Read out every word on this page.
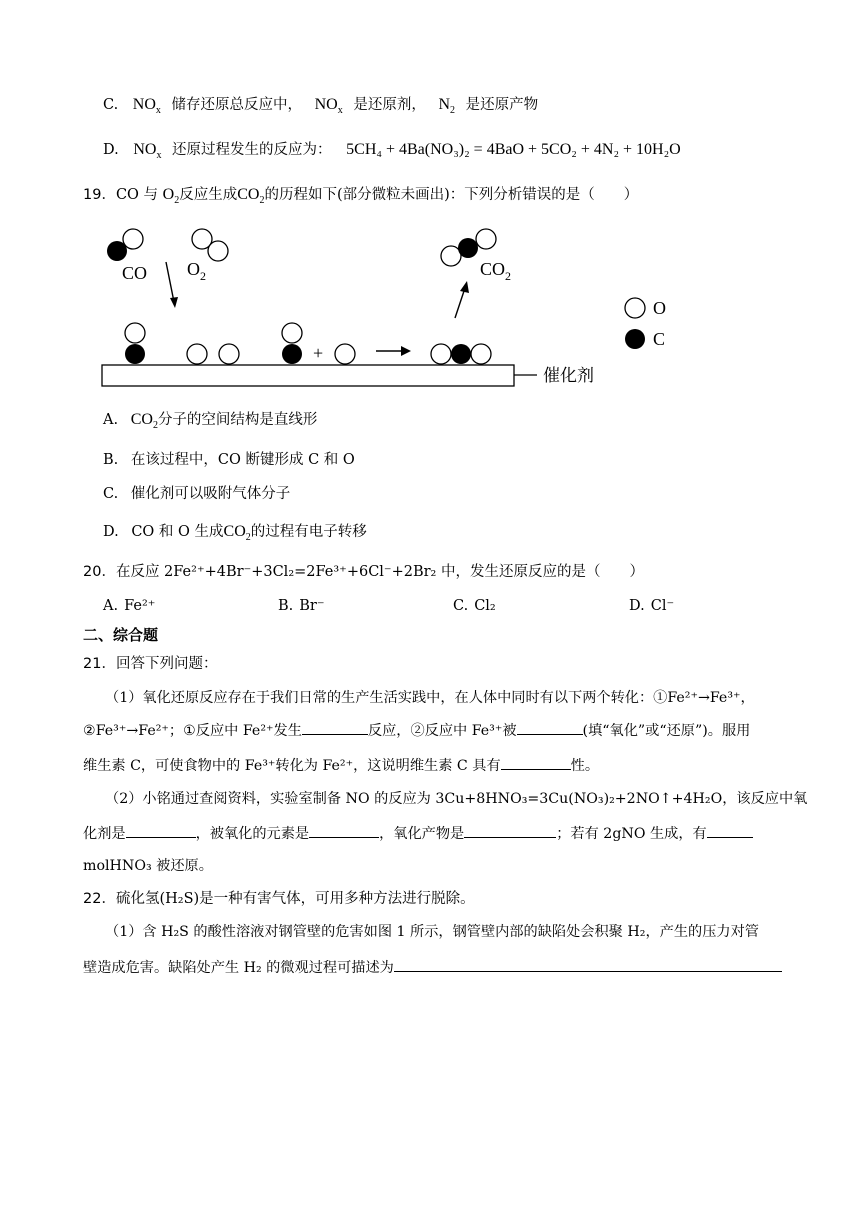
C. $NO_x$ 储存还原总反应中， $NO_x$ 是还原剂， $N_2$ 是还原产物
D. $NO_x$ 还原过程发生的反应为： 5CH₄ + 4Ba(NO₃)₂ = 4BaO + 5CO₂ + 4N₂ + 10H₂O
19．CO 与 $O_2$反应生成$CO_2$的历程如下(部分微粒未画出)：下列分析错误的是（　　）
CO $O_2$
+
催化剂
$CO_2$
O
C
A. $CO_2$分子的空间结构是直线形
B. 在该过程中，CO 断键形成 C 和 O
C. 催化剂可以吸附气体分子
D. CO 和 O 生成$CO_2$的过程有电子转移
20．在反应 2Fe²⁺+4Br⁻+3Cl₂=2Fe³⁺+6Cl⁻+2Br₂ 中，发生还原反应的是（　　）
A. Fe²⁺	B. Br⁻	C. Cl₂	D. Cl⁻
二、综合题
21．回答下列问题：
（1）氧化还原反应存在于我们日常的生产生活实践中，在人体中同时有以下两个转化：①Fe²⁺→Fe³⁺，
②Fe³⁺→Fe²⁺；①反应中 Fe²⁺发生	反应，②反应中 Fe³⁺被	(填“氧化”或“还原”)。服用
维生素 C，可使食物中的 Fe³⁺转化为 Fe²⁺，这说明维生素 C 具有	性。
（2）小铭通过查阅资料，实验室制备 NO 的反应为 3Cu+8HNO₃=3Cu(NO₃)₂+2NO↑+4H₂O，该反应中氧
化剂是	，被氧化的元素是	，氧化产物是	；若有 2gNO 生成，有
molHNO₃ 被还原。
22．硫化氢(H₂S)是一种有害气体，可用多种方法进行脱除。
（1）含 H₂S 的酸性溶液对钢管壁的危害如图 1 所示，钢管壁内部的缺陷处会积聚 H₂，产生的压力对管
壁造成危害。缺陷处产生 H₂ 的微观过程可描述为
